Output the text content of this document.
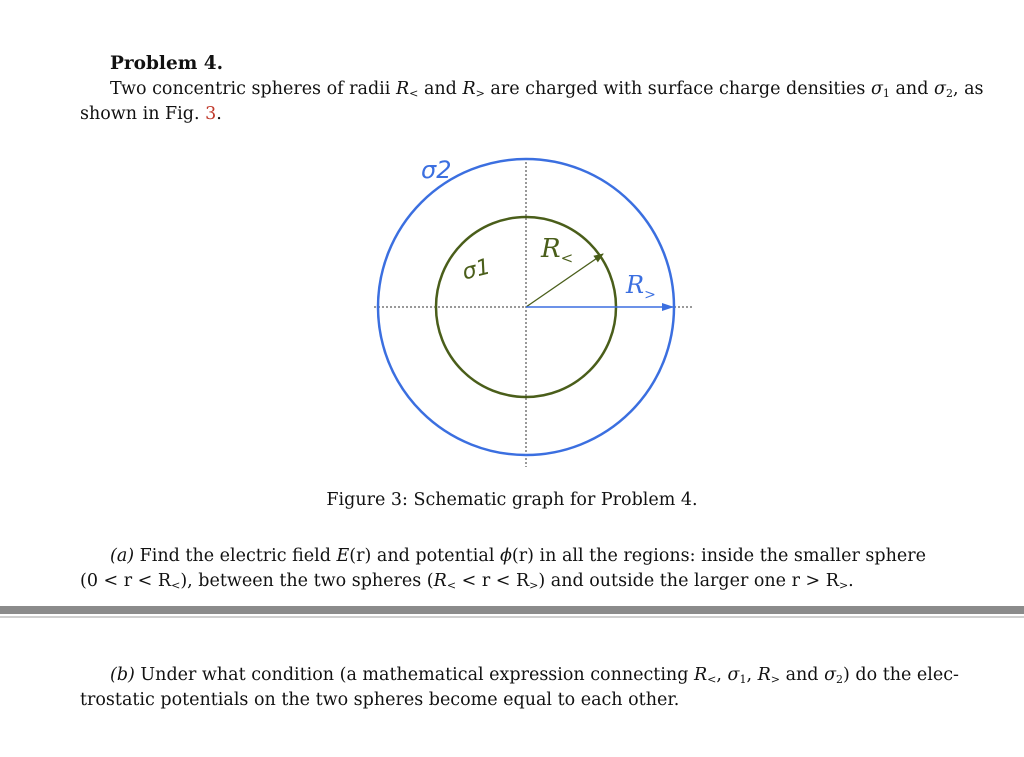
Problem 4.
Two concentric spheres of radii $R_<$ and $R_>$ are charged with surface charge densities $\sigma_1$ and $\sigma_2$, as
shown in Fig. 3.
σ2
σ1
$R_<$
$R_>$
Figure 3: Schematic graph for Problem 4.
(a) Find the electric field E(r) and potential ϕ(r) in all the regions: inside the smaller sphere
$(0 < r < R_<)$, between the two spheres $(R_< < r < R_>)$ and outside the larger one $r > R_>$.
(b) Under what condition (a mathematical expression connecting $R_<$, $\sigma_1$, $R_>$ and $\sigma_2$) do the elec-
trostatic potentials on the two spheres become equal to each other.
